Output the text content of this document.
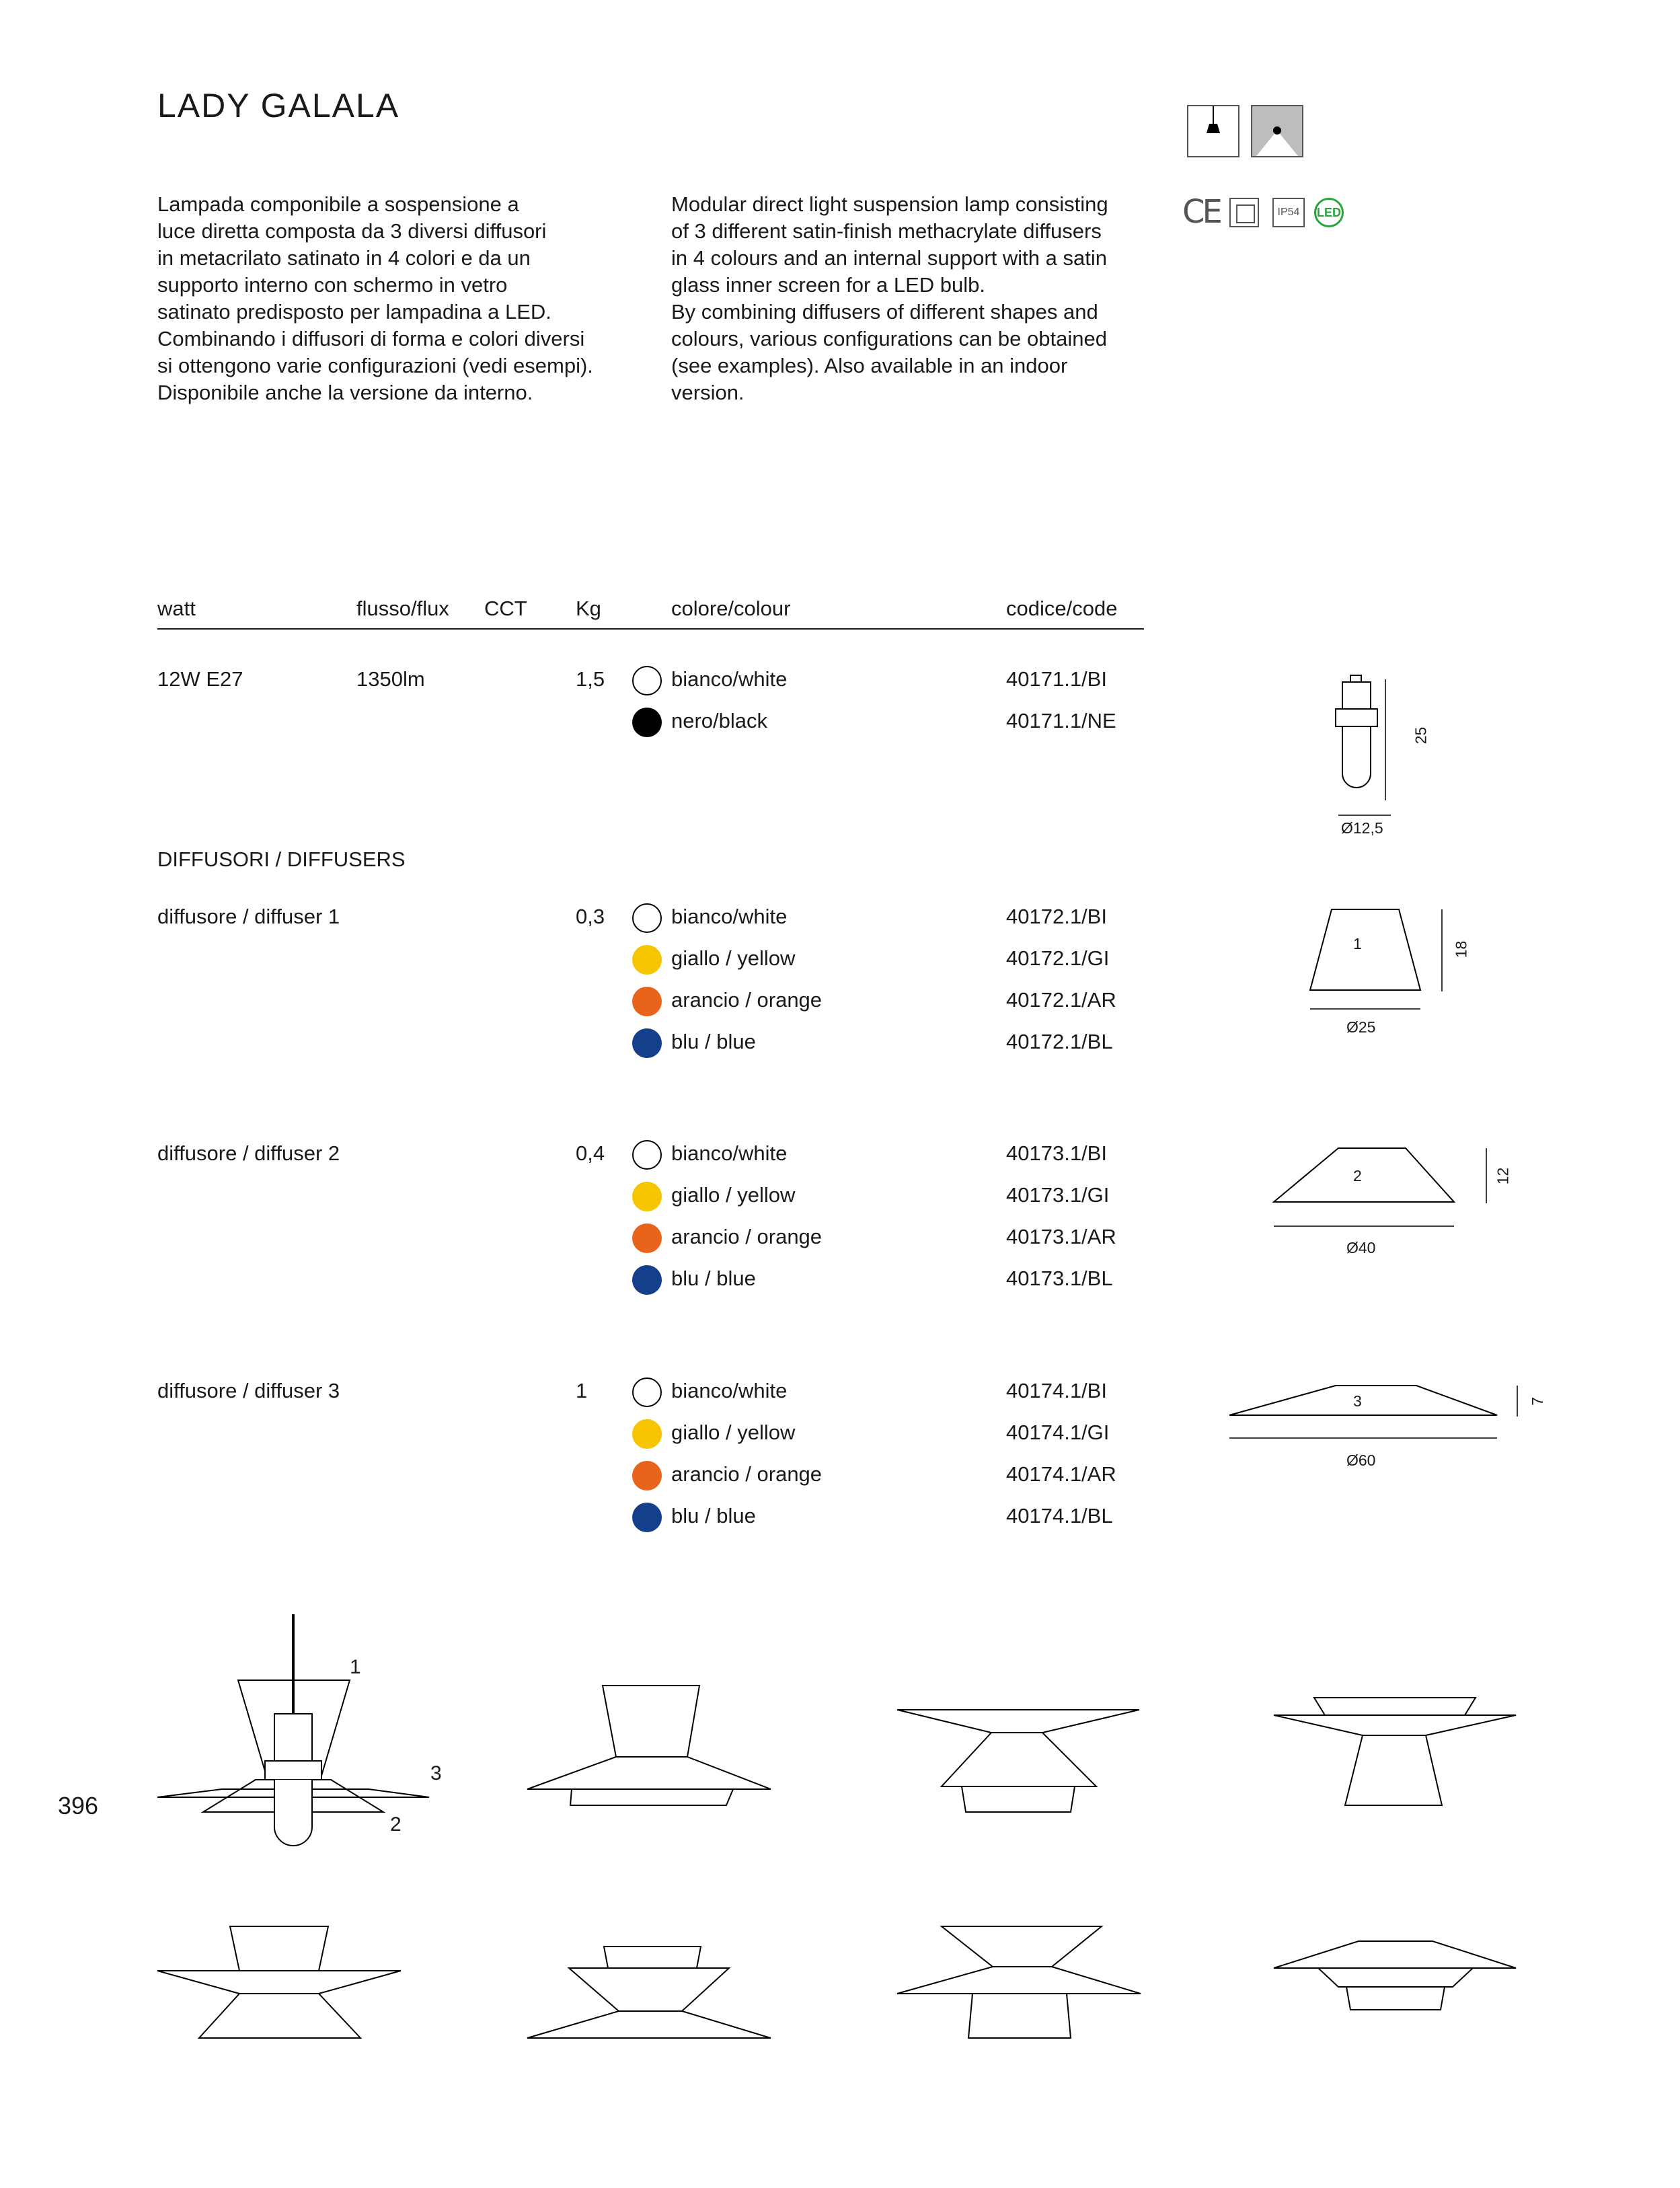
LADY GALALA
396
CE	IP54	LED
Lampada componibile a sospensione a
luce diretta composta da 3 diversi diffusori
in metacrilato satinato in 4 colori e da un
supporto interno con schermo in vetro
satinato predisposto per lampadina a LED.
Combinando i diffusori di forma e colori diversi
si ottengono varie configurazioni (vedi esempi).
Disponibile anche la versione da interno.
Modular direct light suspension lamp consisting
of 3 different satin-finish methacrylate diffusers
in 4 colours and an internal support with a satin
glass inner screen for a LED bulb.
By combining diffusers of different shapes and
colours, various configurations can be obtained
(see examples). Also available in an indoor
version.
watt	flusso/flux CCT Kg	colore/colour	codice/code
12W E27	1350lm	1,5	bianco/white	40171.1/BI
nero/black	40171.1/NE
25
Ø12,5
DIFFUSORI / DIFFUSERS
diffusore / diffuser 1	0,3	bianco/white	40172.1/BI
giallo / yellow	40172.1/GI
arancio / orange	40172.1/AR
blu / blue	40172.1/BL
1	18
Ø25
diffusore / diffuser 2	0,4	bianco/white	40173.1/BI
giallo / yellow	40173.1/GI
arancio / orange	40173.1/AR
blu / blue	40173.1/BL
2	12
Ø40
diffusore / diffuser 3	1	bianco/white	40174.1/BI
giallo / yellow	40174.1/GI
arancio / orange	40174.1/AR
blu / blue	40174.1/BL
3	7
Ø60
1
3
2
